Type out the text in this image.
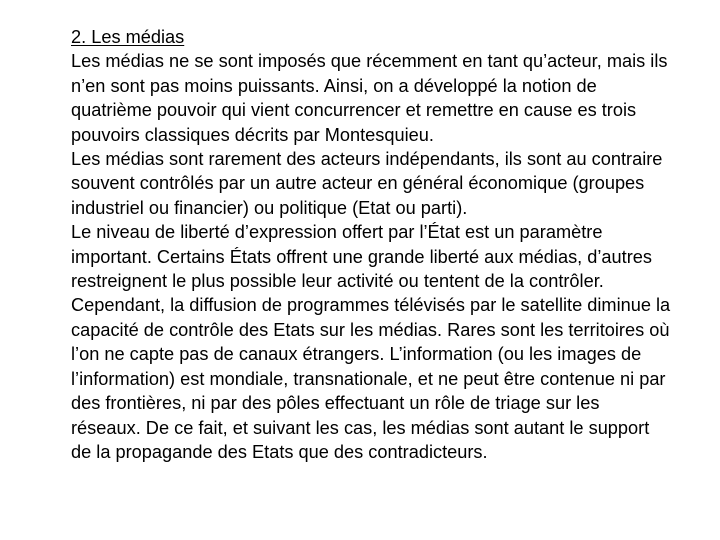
2. Les médias

Les médias ne se sont imposés que récemment en tant qu’acteur, mais ils n’en sont pas moins puissants. Ainsi, on a développé la notion de quatrième pouvoir qui vient concurrencer et remettre en cause es trois pouvoirs classiques décrits par Montesquieu.

Les médias sont rarement des acteurs indépendants, ils sont au contraire souvent contrôlés par un autre acteur en général économique (groupes industriel ou financier) ou politique (Etat ou parti).

Le niveau de liberté d’expression offert par l’État est un paramètre important. Certains États offrent une grande liberté aux médias, d’autres restreignent le plus possible leur activité ou tentent de la contrôler. Cependant, la diffusion de programmes télévisés par le satellite diminue la capacité de contrôle des Etats sur les médias. Rares sont les territoires où l’on ne capte pas de canaux étrangers. L’information (ou les images de l’information) est mondiale, transnationale, et ne peut être contenue ni par des frontières, ni par des pôles effectuant un rôle de triage sur les réseaux. De ce fait, et suivant les cas, les médias sont autant le support de la propagande des Etats que des contradicteurs.
